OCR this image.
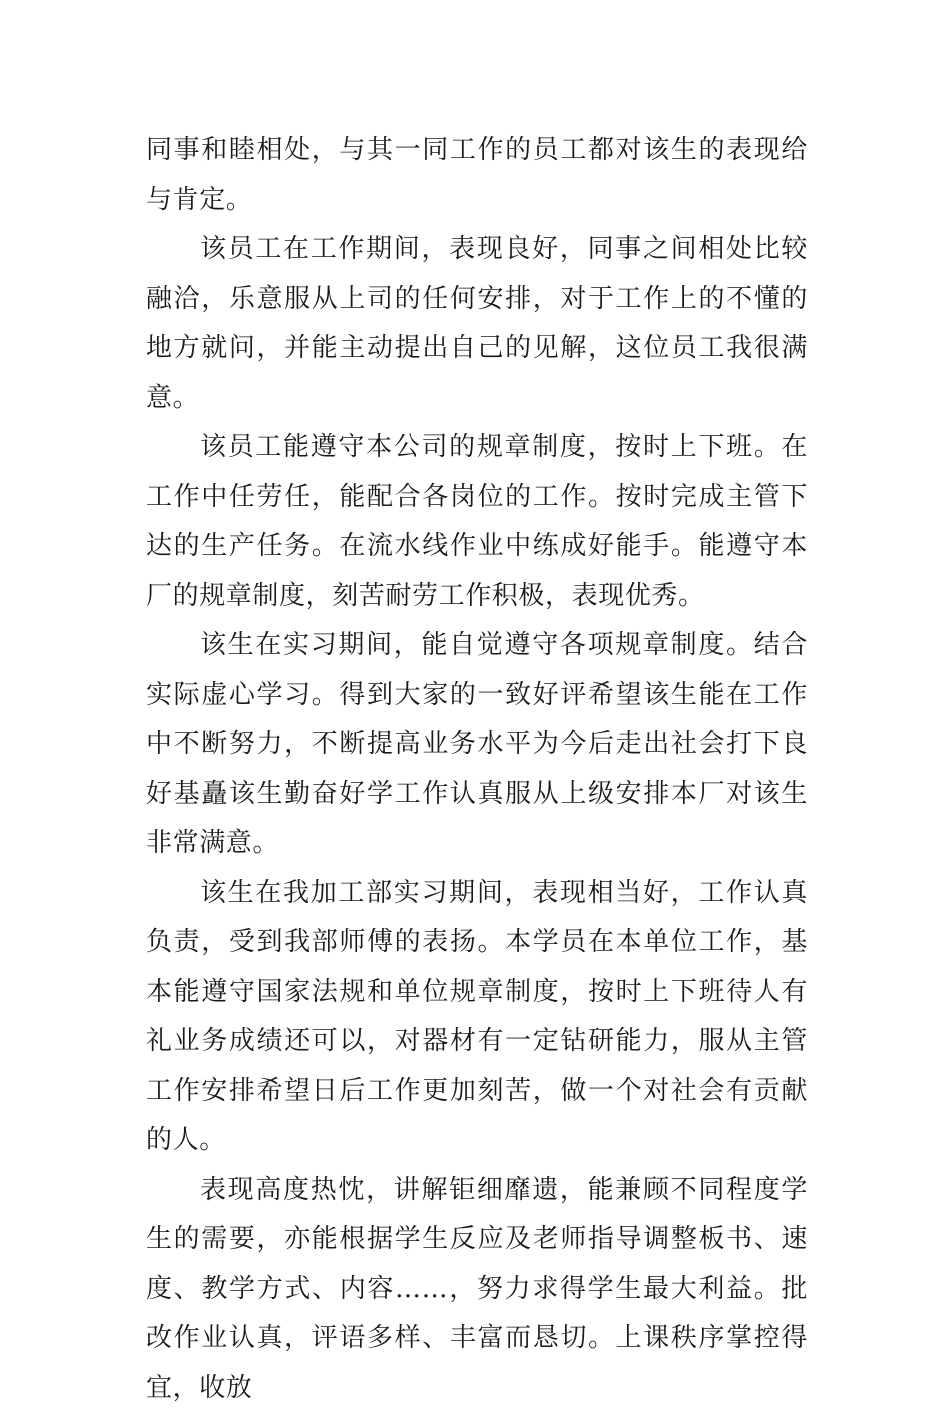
同事和睦相处，与其一同工作的员工都对该生的表现给与肯定。

该员工在工作期间，表现良好，同事之间相处比较融洽，乐意服从上司的任何安排，对于工作上的不懂的地方就问，并能主动提出自己的见解，这位员工我很满意。

该员工能遵守本公司的规章制度，按时上下班。在工作中任劳任，能配合各岗位的工作。按时完成主管下达的生产任务。在流水线作业中练成好能手。能遵守本厂的规章制度，刻苦耐劳工作积极，表现优秀。

该生在实习期间，能自觉遵守各项规章制度。结合实际虚心学习。得到大家的一致好评希望该生能在工作中不断努力，不断提高业务水平为今后走出社会打下良好基矗该生勤奋好学工作认真服从上级安排本厂对该生非常满意。

该生在我加工部实习期间，表现相当好，工作认真负责，受到我部师傅的表扬。本学员在本单位工作，基本能遵守国家法规和单位规章制度，按时上下班待人有礼业务成绩还可以，对器材有一定钻研能力，服从主管工作安排希望日后工作更加刻苦，做一个对社会有贡献的人。

表现高度热忱，讲解钜细靡遗，能兼顾不同程度学生的需要，亦能根据学生反应及老师指导调整板书、速度、教学方式、内容……，努力求得学生最大利益。批改作业认真，评语多样、丰富而恳切。上课秩序掌控得宜，收放
